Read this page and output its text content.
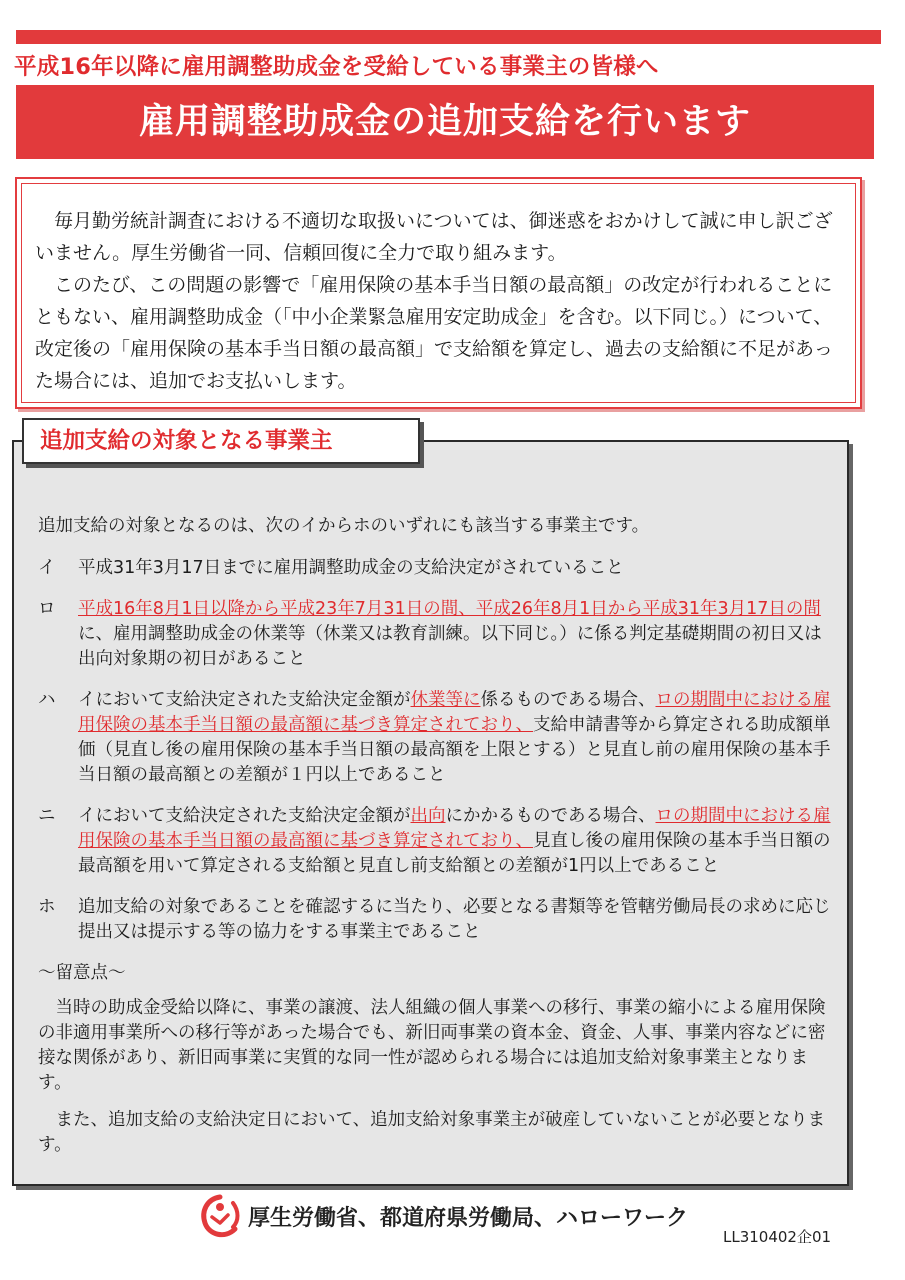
平成16年以降に雇用調整助成金を受給している事業主の皆様へ
雇用調整助成金の追加支給を行います

毎月勤労統計調査における不適切な取扱いについては、御迷惑をおかけして誠に申し訳ございません。厚生労働省一同、信頼回復に全力で取り組みます。

このたび、この問題の影響で「雇用保険の基本手当日額の最高額」の改定が行われることにともない、雇用調整助成金（「中小企業緊急雇用安定助成金」を含む。以下同じ。）について、改定後の「雇用保険の基本手当日額の最高額」で支給額を算定し、過去の支給額に不足があった場合には、追加でお支払いします。

追加支給の対象となる事業主

追加支給の対象となるのは、次のイからホのいずれにも該当する事業主です。

イ	平成31年3月17日までに雇用調整助成金の支給決定がされていること
ロ	平成16年8月1日以降から平成23年7月31日の間、平成26年8月1日から平成31年3月17日の間に、雇用調整助成金の休業等（休業又は教育訓練。以下同じ。）に係る判定基礎期間の初日又は出向対象期の初日があること
ハ	イにおいて支給決定された支給決定金額が休業等に係るものである場合、ロの期間中における雇用保険の基本手当日額の最高額に基づき算定されており、支給申請書等から算定される助成額単価（見直し後の雇用保険の基本手当日額の最高額を上限とする）と見直し前の雇用保険の基本手当日額の最高額との差額が１円以上であること
ニ	イにおいて支給決定された支給決定金額が出向にかかるものである場合、ロの期間中における雇用保険の基本手当日額の最高額に基づき算定されており、見直し後の雇用保険の基本手当日額の最高額を用いて算定される支給額と見直し前支給額との差額が1円以上であること
ホ	追加支給の対象であることを確認するに当たり、必要となる書類等を管轄労働局長の求めに応じ提出又は提示する等の協力をする事業主であること

～留意点～

当時の助成金受給以降に、事業の譲渡、法人組織の個人事業への移行、事業の縮小による雇用保険の非適用事業所への移行等があった場合でも、新旧両事業の資本金、資金、人事、事業内容などに密接な関係があり、新旧両事業に実質的な同一性が認められる場合には追加支給対象事業主となります。

また、追加支給の支給決定日において、追加支給対象事業主が破産していないことが必要となります。

厚生労働省、都道府県労働局、ハローワーク
LL310402企01
